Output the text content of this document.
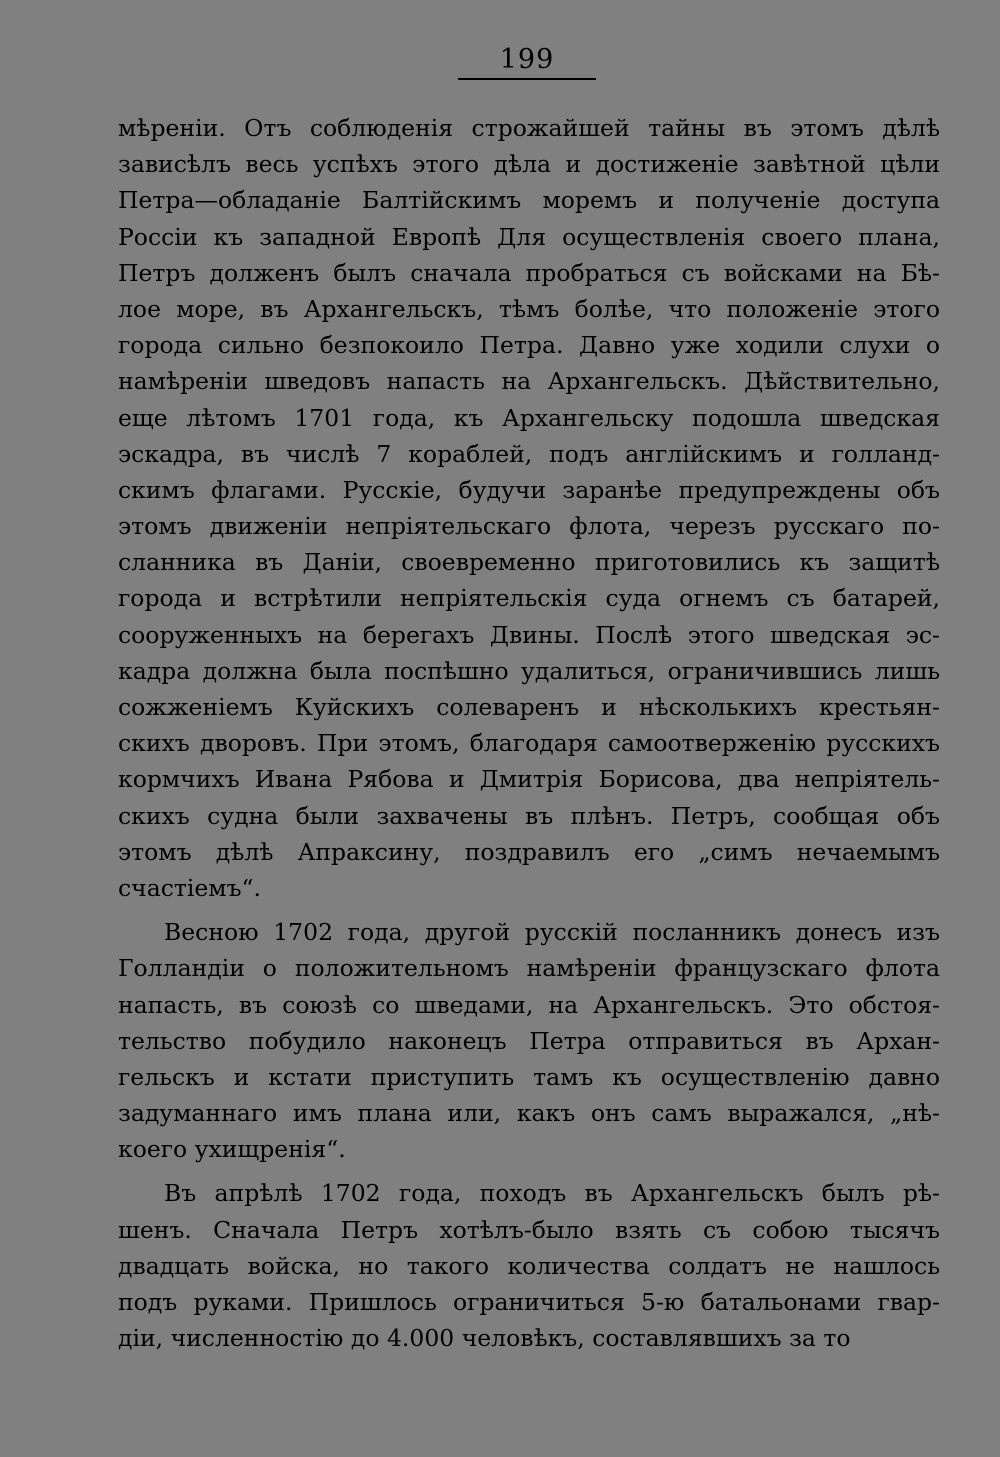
199
мѣреніи. Отъ соблюденія строжайшей тайны въ этомъ дѣлѣ
зависѣлъ весь успѣхъ этого дѣла и достиженіе завѣтной цѣли
Петра—обладаніе Балтійскимъ моремъ и полученіе доступа
Россіи къ западной Европѣ Для осуществленія своего плана,
Петръ долженъ былъ сначала пробраться съ войсками на Бѣ-
лое море, въ Архангельскъ, тѣмъ болѣе, что положеніе этого
города сильно безпокоило Петра. Давно уже ходили слухи о
намѣреніи шведовъ напасть на Архангельскъ. Дѣйствительно,
еще лѣтомъ 1701 года, къ Архангельску подошла шведская
эскадра, въ числѣ 7 кораблей, подъ англійскимъ и голланд-
скимъ флагами. Русскіе, будучи заранѣе предупреждены объ
этомъ движеніи непріятельскаго флота, черезъ русскаго по-
сланника въ Даніи, своевременно приготовились къ защитѣ
города и встрѣтили непріятельскія суда огнемъ съ батарей,
сооруженныхъ на берегахъ Двины. Послѣ этого шведская эс-
кадра должна была поспѣшно удалиться, ограничившись лишь
сожженіемъ Куйскихъ солеваренъ и нѣсколькихъ крестьян-
скихъ дворовъ. При этомъ, благодаря самоотверженію русскихъ
кормчихъ Ивана Рябова и Дмитрія Борисова, два непріятель-
скихъ судна были захвачены въ плѣнъ. Петръ, сообщая объ
этомъ дѣлѣ Апраксину, поздравилъ его „симъ нечаемымъ
счастіемъ“.
Весною 1702 года, другой русскій посланникъ донесъ изъ
Голландіи о положительномъ намѣреніи французскаго флота
напасть, въ союзѣ со шведами, на Архангельскъ. Это обстоя-
тельство побудило наконецъ Петра отправиться въ Архан-
гельскъ и кстати приступить тамъ къ осуществленію давно
задуманнаго имъ плана или, какъ онъ самъ выражался, „нѣ-
коего ухищренія“.
Въ апрѣлѣ 1702 года, походъ въ Архангельскъ былъ рѣ-
шенъ. Сначала Петръ хотѣлъ-было взять съ собою тысячъ
двадцать войска, но такого количества солдатъ не нашлось
подъ руками. Пришлось ограничиться 5-ю батальонами гвар-
діи, численностію до 4.000 человѣкъ, составлявшихъ за то
